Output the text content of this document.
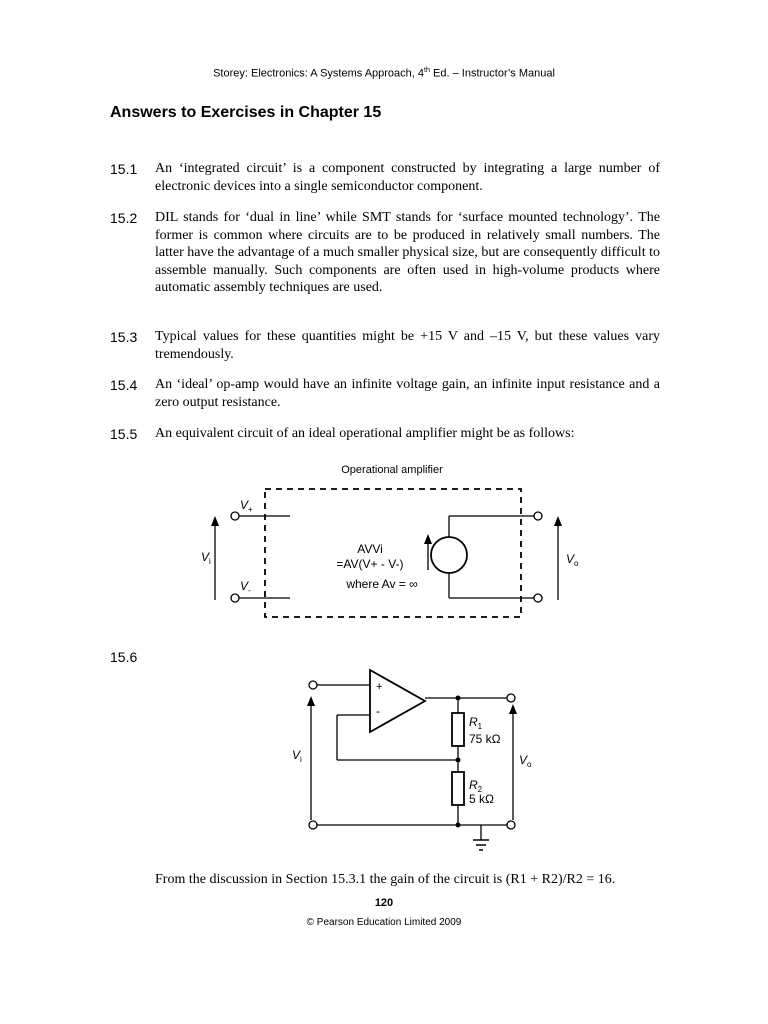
Storey: Electronics: A Systems Approach, 4th Ed. – Instructor’s Manual
Answers to Exercises in Chapter 15
15.1 An ‘integrated circuit’ is a component constructed by integrating a large number of electronic devices into a single semiconductor component.
15.2 DIL stands for ‘dual in line’ while SMT stands for ‘surface mounted technology’. The former is common where circuits are to be produced in relatively small numbers. The latter have the advantage of a much smaller physical size, but are consequently difficult to assemble manually. Such components are often used in high-volume products where automatic assembly techniques are used.
15.3 Typical values for these quantities might be +15 V and –15 V, but these values vary tremendously.
15.4 An ‘ideal’ op-amp would have an infinite voltage gain, an infinite input resistance and a zero output resistance.
15.5 An equivalent circuit of an ideal operational amplifier might be as follows:
15.6
Operational amplifier
$V_+$
$V_-$
$V_i$	$V_o$
AVVi
=AV(V+ - V-)
where Av = ∞
+
-
$R_1$
75 kΩ
$R_2$
5 kΩ
$V_i$	$V_o$
From the discussion in Section 15.3.1 the gain of the circuit is (R1 + R2)/R2 = 16.
120
© Pearson Education Limited 2009
